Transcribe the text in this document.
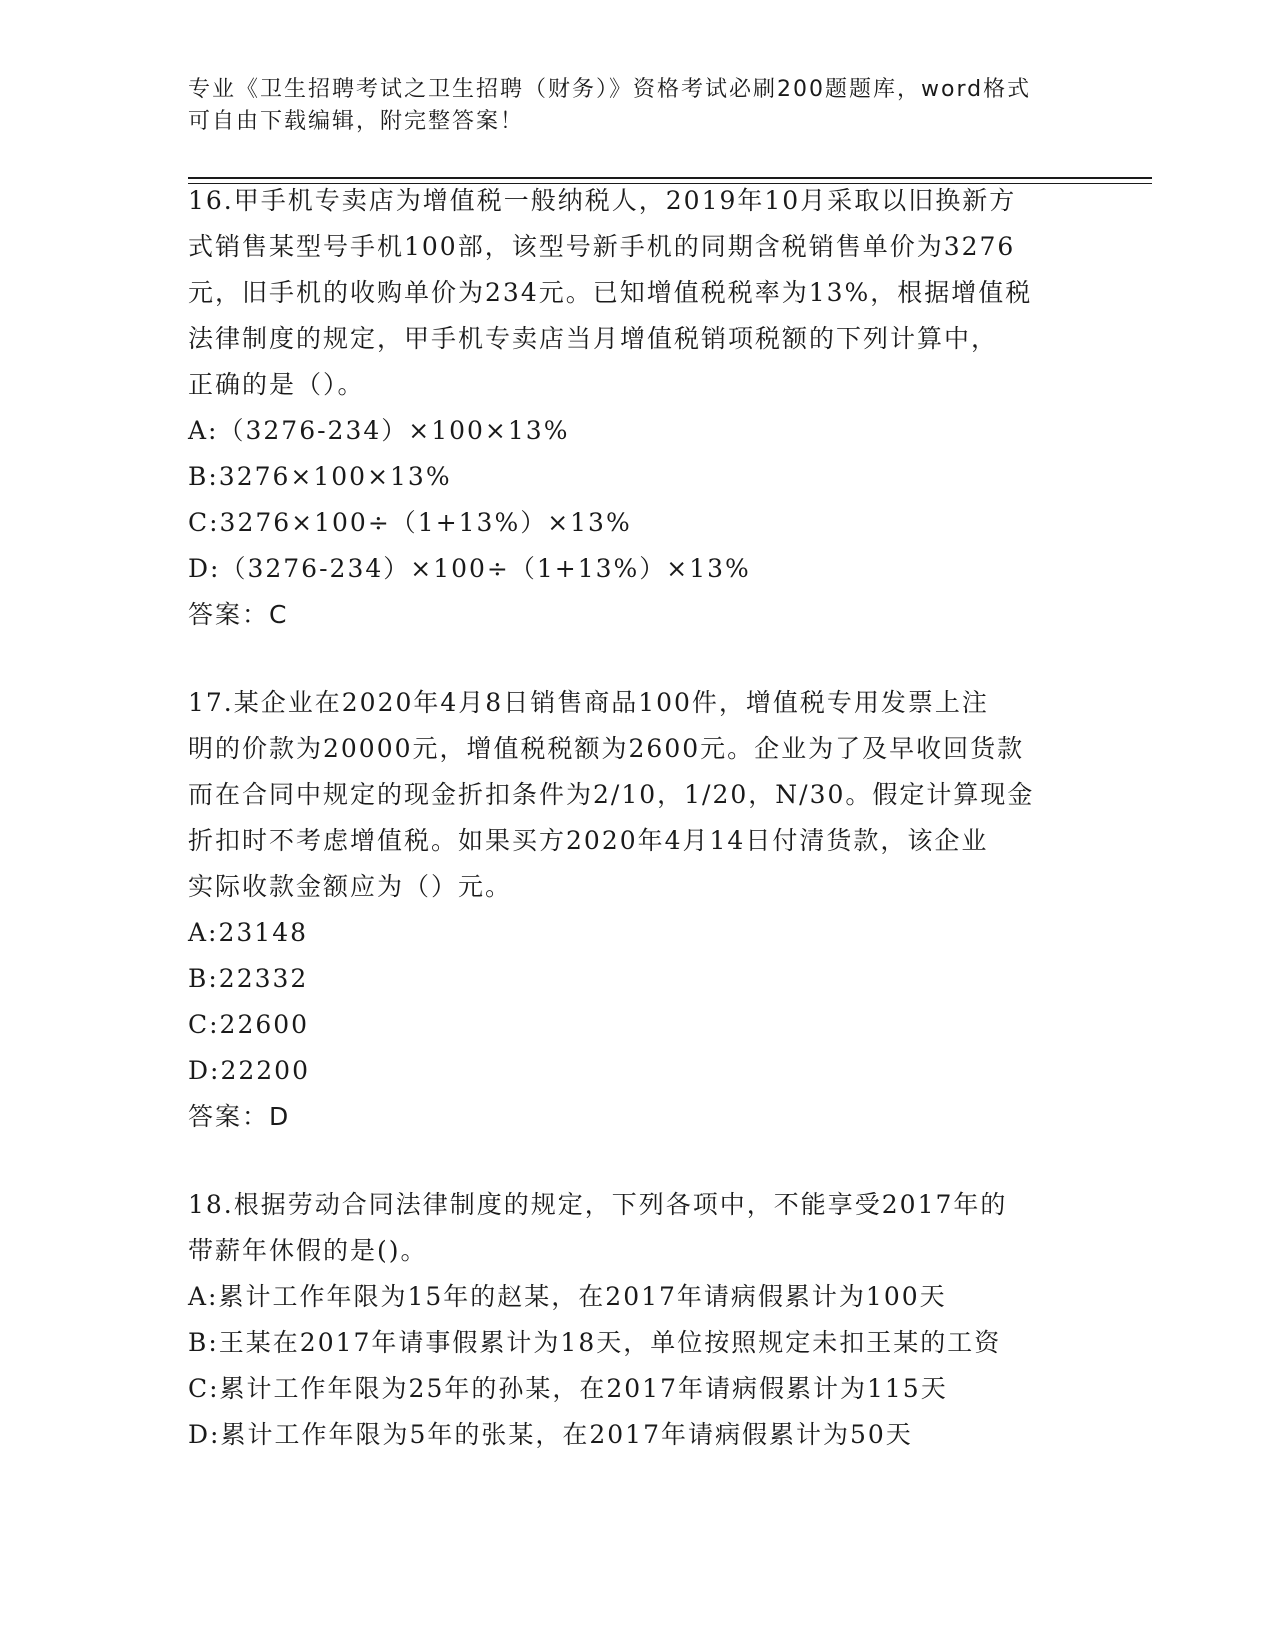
专业《卫生招聘考试之卫生招聘（财务）》资格考试必刷200题题库，word格式
可自由下载编辑，附完整答案！
16.甲手机专卖店为增值税一般纳税人，2019年10月采取以旧换新方
式销售某型号手机100部，该型号新手机的同期含税销售单价为3276
元，旧手机的收购单价为234元。已知增值税税率为13%，根据增值税
法律制度的规定，甲手机专卖店当月增值税销项税额的下列计算中，
正确的是（）。
A:（3276-234）×100×13%
B:3276×100×13%
C:3276×100÷（1+13%）×13%
D:（3276-234）×100÷（1+13%）×13%
答案：C
17.某企业在2020年4月8日销售商品100件，增值税专用发票上注
明的价款为20000元，增值税税额为2600元。企业为了及早收回货款
而在合同中规定的现金折扣条件为2/10，1/20，N/30。假定计算现金
折扣时不考虑增值税。如果买方2020年4月14日付清货款，该企业
实际收款金额应为（）元。
A:23148
B:22332
C:22600
D:22200
答案：D
18.根据劳动合同法律制度的规定，下列各项中，不能享受2017年的
带薪年休假的是()。
A:累计工作年限为15年的赵某，在2017年请病假累计为100天
B:王某在2017年请事假累计为18天，单位按照规定未扣王某的工资
C:累计工作年限为25年的孙某，在2017年请病假累计为115天
D:累计工作年限为5年的张某，在2017年请病假累计为50天
